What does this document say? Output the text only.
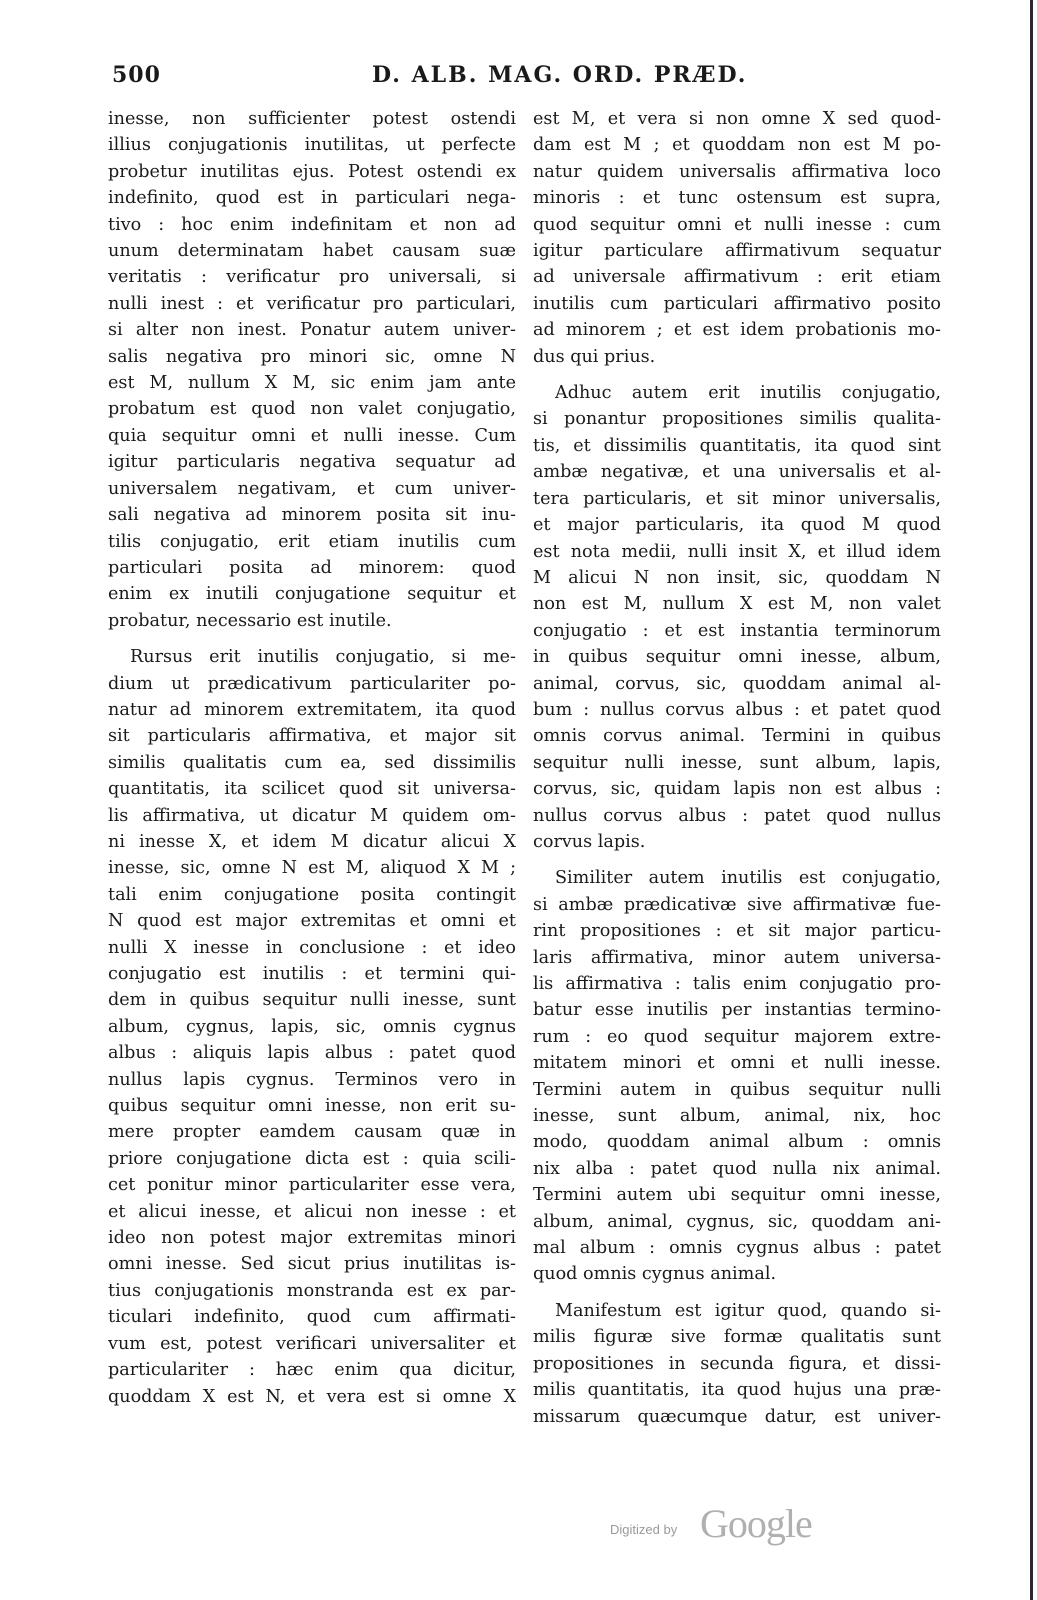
500	D. ALB. MAG. ORD. PRÆD.
inesse, non sufficienter potest ostendi
illius conjugationis inutilitas, ut perfecte
probetur inutilitas ejus. Potest ostendi ex
indefinito, quod est in particulari nega-
tivo : hoc enim indefinitam et non ad
unum determinatam habet causam suæ
veritatis : verificatur pro universali, si
nulli inest : et verificatur pro particulari,
si alter non inest. Ponatur autem univer-
salis negativa pro minori sic, omne N
est M, nullum X M, sic enim jam ante
probatum est quod non valet conjugatio,
quia sequitur omni et nulli inesse. Cum
igitur particularis negativa sequatur ad
universalem negativam, et cum univer-
sali negativa ad minorem posita sit inu-
tilis conjugatio, erit etiam inutilis cum
particulari posita ad minorem: quod
enim ex inutili conjugatione sequitur et
probatur, necessario est inutile.
Rursus erit inutilis conjugatio, si me-
dium ut prædicativum particulariter po-
natur ad minorem extremitatem, ita quod
sit particularis affirmativa, et major sit
similis qualitatis cum ea, sed dissimilis
quantitatis, ita scilicet quod sit universa-
lis affirmativa, ut dicatur M quidem om-
ni inesse X, et idem M dicatur alicui X
inesse, sic, omne N est M, aliquod X M ;
tali enim conjugatione posita contingit
N quod est major extremitas et omni et
nulli X inesse in conclusione : et ideo
conjugatio est inutilis : et termini qui-
dem in quibus sequitur nulli inesse, sunt
album, cygnus, lapis, sic, omnis cygnus
albus : aliquis lapis albus : patet quod
nullus lapis cygnus. Terminos vero in
quibus sequitur omni inesse, non erit su-
mere propter eamdem causam quæ in
priore conjugatione dicta est : quia scili-
cet ponitur minor particulariter esse vera,
et alicui inesse, et alicui non inesse : et
ideo non potest major extremitas minori
omni inesse. Sed sicut prius inutilitas is-
tius conjugationis monstranda est ex par-
ticulari indefinito, quod cum affirmati-
vum est, potest verificari universaliter et
particulariter : hæc enim qua dicitur,
quoddam X est N, et vera est si omne X
est M, et vera si non omne X sed quod-
dam est M ; et quoddam non est M po-
natur quidem universalis affirmativa loco
minoris : et tunc ostensum est supra,
quod sequitur omni et nulli inesse : cum
igitur particulare affirmativum sequatur
ad universale affirmativum : erit etiam
inutilis cum particulari affirmativo posito
ad minorem ; et est idem probationis mo-
dus qui prius.
Adhuc autem erit inutilis conjugatio,
si ponantur propositiones similis qualita-
tis, et dissimilis quantitatis, ita quod sint
ambæ negativæ, et una universalis et al-
tera particularis, et sit minor universalis,
et major particularis, ita quod M quod
est nota medii, nulli insit X, et illud idem
M alicui N non insit, sic, quoddam N
non est M, nullum X est M, non valet
conjugatio : et est instantia terminorum
in quibus sequitur omni inesse, album,
animal, corvus, sic, quoddam animal al-
bum : nullus corvus albus : et patet quod
omnis corvus animal. Termini in quibus
sequitur nulli inesse, sunt album, lapis,
corvus, sic, quidam lapis non est albus :
nullus corvus albus : patet quod nullus
corvus lapis.
Similiter autem inutilis est conjugatio,
si ambæ prædicativæ sive affirmativæ fue-
rint propositiones : et sit major particu-
laris affirmativa, minor autem universa-
lis affirmativa : talis enim conjugatio pro-
batur esse inutilis per instantias termino-
rum : eo quod sequitur majorem extre-
mitatem minori et omni et nulli inesse.
Termini autem in quibus sequitur nulli
inesse, sunt album, animal, nix, hoc
modo, quoddam animal album : omnis
nix alba : patet quod nulla nix animal.
Termini autem ubi sequitur omni inesse,
album, animal, cygnus, sic, quoddam ani-
mal album : omnis cygnus albus : patet
quod omnis cygnus animal.
Manifestum est igitur quod, quando si-
milis figuræ sive formæ qualitatis sunt
propositiones in secunda figura, et dissi-
milis quantitatis, ita quod hujus una præ-
missarum quæcumque datur, est univer-
Digitized by Google
